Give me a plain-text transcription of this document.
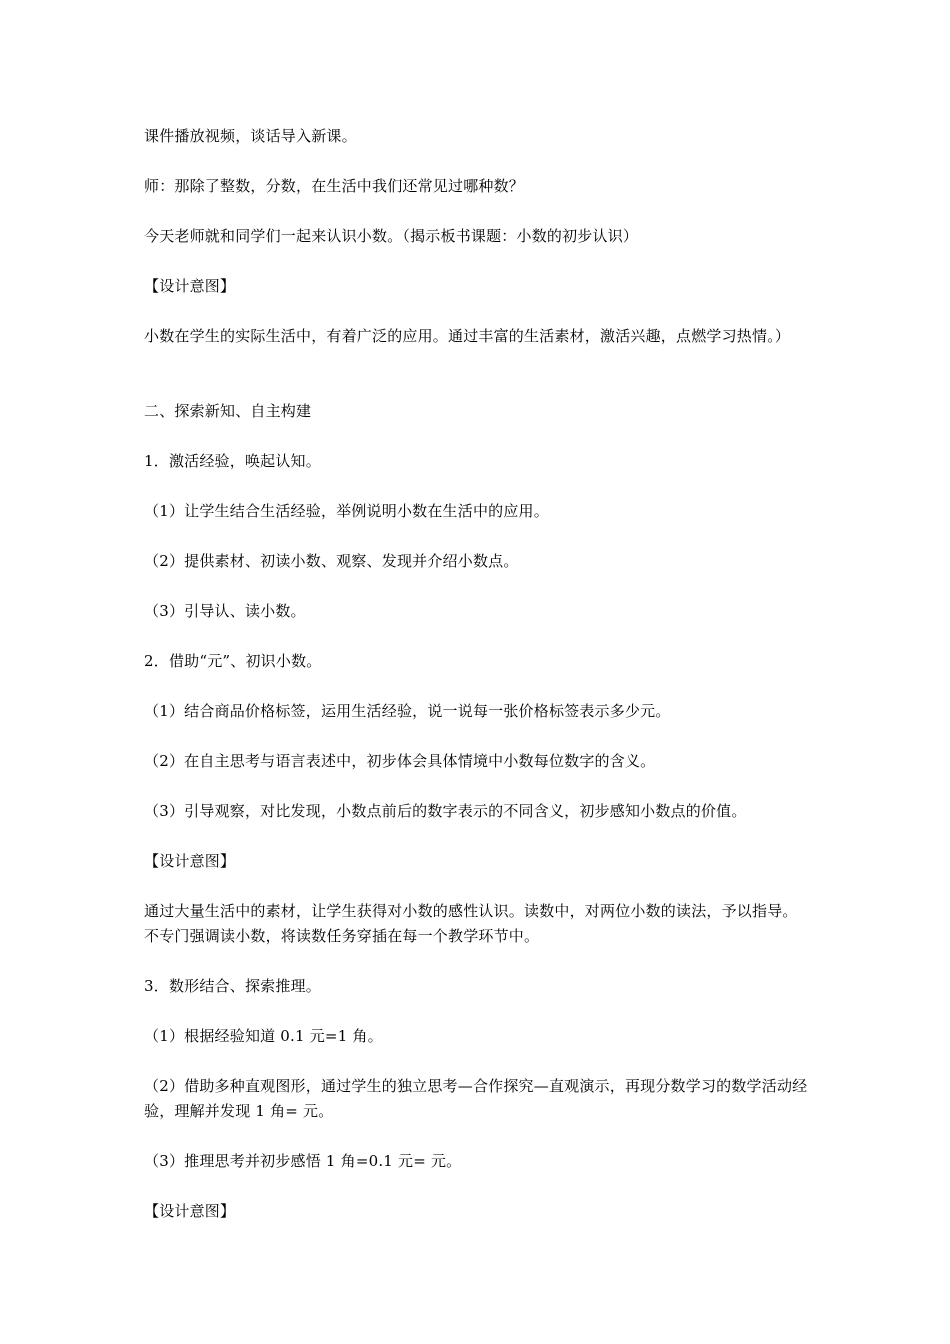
课件播放视频，谈话导入新课。

师：那除了整数，分数，在生活中我们还常见过哪种数？

今天老师就和同学们一起来认识小数。（揭示板书课题：小数的初步认识）

【设计意图】

小数在学生的实际生活中，有着广泛的应用。通过丰富的生活素材，激活兴趣，点燃学习热情。）

二、探索新知、自主构建

1．激活经验，唤起认知。

（1）让学生结合生活经验，举例说明小数在生活中的应用。

（2）提供素材、初读小数、观察、发现并介绍小数点。

（3）引导认、读小数。

2．借助“元”、初识小数。

（1）结合商品价格标签，运用生活经验，说一说每一张价格标签表示多少元。

（2）在自主思考与语言表述中，初步体会具体情境中小数每位数字的含义。

（3）引导观察，对比发现，小数点前后的数字表示的不同含义，初步感知小数点的价值。

【设计意图】

通过大量生活中的素材，让学生获得对小数的感性认识。读数中，对两位小数的读法，予以指导。不专门强调读小数，将读数任务穿插在每一个教学环节中。

3．数形结合、探索推理。

（1）根据经验知道 0.1 元=1 角。

（2）借助多种直观图形，通过学生的独立思考—合作探究—直观演示，再现分数学习的数学活动经验，理解并发现 1 角= 元。

（3）推理思考并初步感悟 1 角=0.1 元= 元。

【设计意图】
